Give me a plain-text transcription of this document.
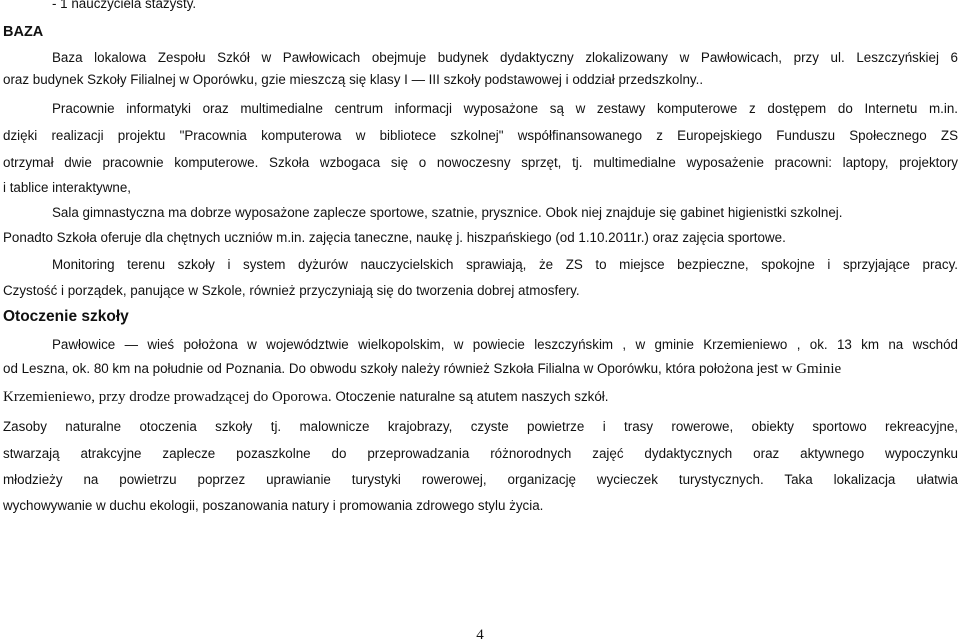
- 1 nauczyciela stażysty.
BAZA
Baza lokalowa Zespołu Szkół w Pawłowicach obejmuje budynek dydaktyczny zlokalizowany w Pawłowicach, przy ul. Leszczyńskiej 6
oraz budynek Szkoły Filialnej w Oporówku, gzie mieszczą się klasy I — III szkoły podstawowej i oddział przedszkolny..
Pracownie informatyki oraz multimedialne centrum informacji wyposażone są w zestawy komputerowe z dostępem do Internetu m.in.
dzięki realizacji projektu "Pracownia komputerowa w bibliotece szkolnej" współfinansowanego z Europejskiego Funduszu Społecznego ZS
otrzymał dwie pracownie komputerowe. Szkoła wzbogaca się o nowoczesny sprzęt, tj. multimedialne wyposażenie pracowni: laptopy, projektory
i tablice interaktywne,
Sala gimnastyczna ma dobrze wyposażone zaplecze sportowe, szatnie, prysznice. Obok niej znajduje się gabinet higienistki szkolnej.
Ponadto Szkoła oferuje dla chętnych uczniów m.in. zajęcia taneczne, naukę j. hiszpańskiego (od 1.10.2011r.) oraz zajęcia sportowe.
Monitoring terenu szkoły i system dyżurów nauczycielskich sprawiają, że ZS to miejsce bezpieczne, spokojne i sprzyjające pracy.
Czystość i porządek, panujące w Szkole, również przyczyniają się do tworzenia dobrej atmosfery.
Otoczenie szkoły
Pawłowice — wieś położona w województwie wielkopolskim, w powiecie leszczyńskim , w gminie Krzemieniewo , ok. 13 km na wschód
od Leszna, ok. 80 km na południe od Poznania. Do obwodu szkoły należy również Szkoła Filialna w Oporówku, która położona jest w Gminie
Krzemieniewo, przy drodze prowadzącej do Oporowa. Otoczenie naturalne są atutem naszych szkół.
Zasoby naturalne otoczenia szkoły tj. malownicze krajobrazy, czyste powietrze i trasy rowerowe, obiekty sportowo rekreacyjne,
stwarzają atrakcyjne zaplecze pozaszkolne do przeprowadzania różnorodnych zajęć dydaktycznych oraz aktywnego wypoczynku
młodzieży na powietrzu poprzez uprawianie turystyki rowerowej, organizację wycieczek turystycznych. Taka lokalizacja ułatwia
wychowywanie w duchu ekologii, poszanowania natury i promowania zdrowego stylu życia.
4
